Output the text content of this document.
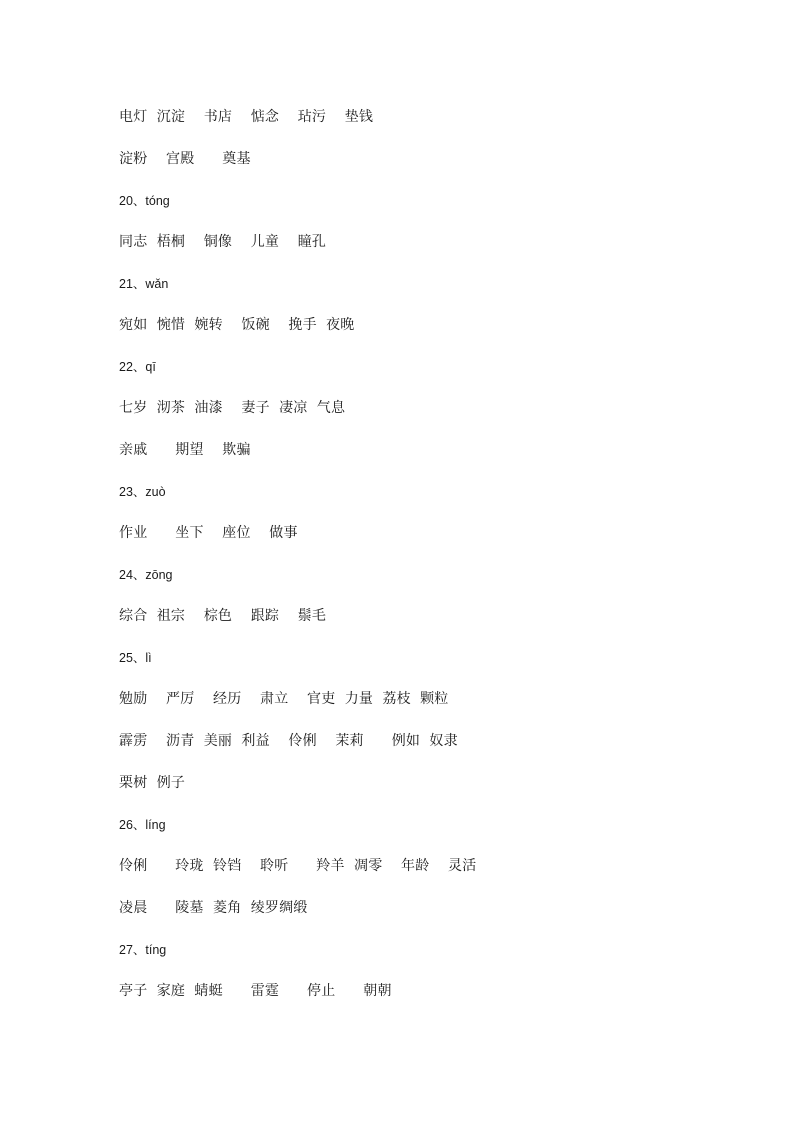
电灯  沉淀    书店    惦念    玷污    垫钱
淀粉    宫殿      奠基
20、tóng
同志  梧桐    铜像    儿童    瞳孔
21、wǎn
宛如  惋惜  婉转    饭碗    挽手  夜晚
22、qī
七岁  沏茶  油漆    妻子  凄凉  气息
亲戚      期望    欺骗
23、zuò
作业      坐下    座位    做事
24、zōng
综合  祖宗    棕色    跟踪    鬃毛
25、lì
勉励    严厉    经历    肃立    官吏  力量  荔枝  颗粒
霹雳    沥青  美丽  利益    伶俐    茉莉      例如  奴隶
栗树  例子
26、líng
伶俐      玲珑  铃铛    聆听      羚羊  凋零    年龄    灵活
凌晨      陵墓  菱角  绫罗绸缎
27、tíng
亭子  家庭  蜻蜓      雷霆      停止      朝朝
